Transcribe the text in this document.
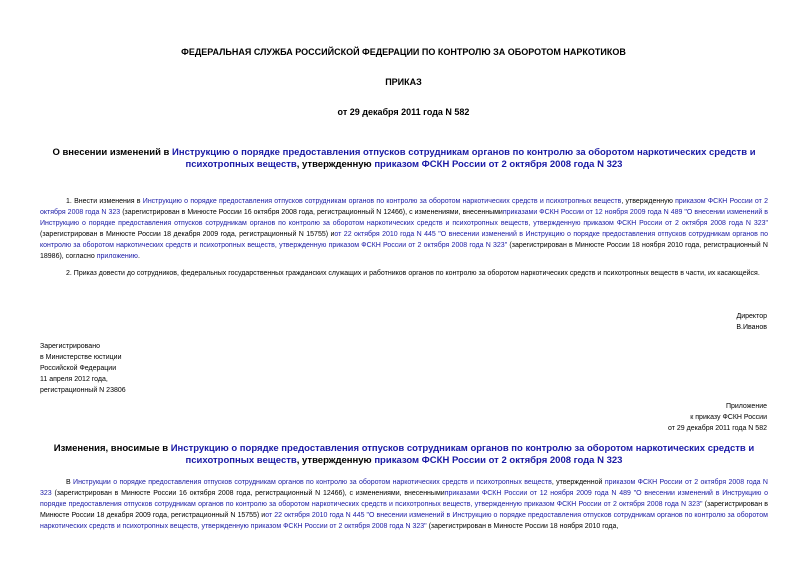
ФЕДЕРАЛЬНАЯ СЛУЖБА РОССИЙСКОЙ ФЕДЕРАЦИИ ПО КОНТРОЛЮ ЗА ОБОРОТОМ НАРКОТИКОВ
ПРИКАЗ
от 29 декабря 2011 года N 582
О внесении изменений в Инструкцию о порядке предоставления отпусков сотрудникам органов по контролю за оборотом наркотических средств и психотропных веществ, утвержденную приказом ФСКН России от 2 октября 2008 года N 323
1. Внести изменения в Инструкцию о порядке предоставления отпусков сотрудникам органов по контролю за оборотом наркотических средств и психотропных веществ, утвержденную приказом ФСКН России от 2 октября 2008 года N 323 (зарегистрирован в Минюсте России 16 октября 2008 года, регистрационный N 12466), с изменениями, внесеннымиприказами ФСКН России от 12 ноября 2009 года N 489 "О внесении изменений в Инструкцию о порядке предоставления отпусков сотрудникам органов по контролю за оборотом наркотических средств и психотропных веществ, утвержденную приказом ФСКН России от 2 октября 2008 года N 323" (зарегистрирован в Минюсте России 18 декабря 2009 года, регистрационный N 15755) иот 22 октября 2010 года N 445 "О внесении изменений в Инструкцию о порядке предоставления отпусков сотрудникам органов по контролю за оборотом наркотических средств и психотропных веществ, утвержденную приказом ФСКН России от 2 октября 2008 года N 323" (зарегистрирован в Минюсте России 18 ноября 2010 года, регистрационный N 18986), согласно приложению.
2. Приказ довести до сотрудников, федеральных государственных гражданских служащих и работников органов по контролю за оборотом наркотических средств и психотропных веществ в части, их касающейся.
Директор
В.Иванов
Зарегистрировано
в Министерстве юстиции
Российской Федерации
11 апреля 2012 года,
регистрационный N 23806
Приложение
к приказу ФСКН России
от 29 декабря 2011 года N 582
Изменения, вносимые в Инструкцию о порядке предоставления отпусков сотрудникам органов по контролю за оборотом наркотических средств и психотропных веществ, утвержденную приказом ФСКН России от 2 октября 2008 года N 323
В Инструкции о порядке предоставления отпусков сотрудникам органов по контролю за оборотом наркотических средств и психотропных веществ, утвержденной приказом ФСКН России от 2 октября 2008 года N 323 (зарегистрирован в Минюсте России 16 октября 2008 года, регистрационный N 12466), с изменениями, внесеннымиприказами ФСКН России от 12 ноября 2009 года N 489 "О внесении изменений в Инструкцию о порядке предоставления отпусков сотрудникам органов по контролю за оборотом наркотических средств и психотропных веществ, утвержденную приказом ФСКН России от 2 октября 2008 года N 323" (зарегистрирован в Минюсте России 18 декабря 2009 года, регистрационный N 15755) иот 22 октября 2010 года N 445 "О внесении изменений в Инструкцию о порядке предоставления отпусков сотрудникам органов по контролю за оборотом наркотических средств и психотропных веществ, утвержденную приказом ФСКН России от 2 октября 2008 года N 323" (зарегистрирован в Минюсте России 18 ноября 2010 года,
